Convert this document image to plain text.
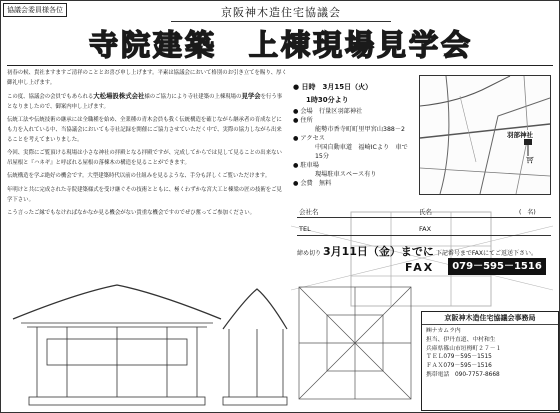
協議会委員様各位	京阪神木造住宅協議会
寺院建築　上棟現場見学会

初春の候、貴社ますますご清祥のこととお喜び申し上げます。平素は協議会において格別のお引き立てを賜り、厚く御礼申し上げます。

この度、協議会の会員でもあられる大松場設株式会社様のご協力により寺社建築の上棟現場の見学会を行う事となりましたので、御案内申し上げます。

伝統工法や伝統技術の継承には全職種を始め、全業種の青木会員も我く伝統構造を確じながら継承者の育成などにも力を入れている中、当協議会においても寺社記録を開催にご協力させていただく中で、実際の協力しながら出来ることを考えてまいりました。

今回、実際にご覧頂ける現場は小さな神社の拝殿となる拝殿ですが、完成してからでは見して見ることの出来ない吊屋根と『ハネギ』と呼ばれる屋根の落棟木の構造を見ることができます。

伝統構造を学ぶ絶好の機会です。大型建築時代以前の仕組みを見るような、手分も詳しくご覧いただけます。

年明けと共に完成された寺院建築様式を受け継ぐその技術とともに、極くわずかな宮大工と棟梁の匠の技術をご見学下さい。

こう言ったご縁でもなければなかなか見る機会がない貴重な機会ですのでぜひ奮ってご参加ください。

● 日時　 3月15日（火）
1時30分より
● 会場　 行量区羽部神社
● 住所
能勢市香寺町町里甲宮山388－2
● アクセス
中国自動車道　福崎ICより　車で15分
● 駐車場
現場駐車スペース有り
● 会費　 無料
⛩
羽部神社
会社名	氏名	(　名)
TEL	FAX
締め切り 3月11日（金）までに 下記番号までFAXにてご返送下さい。
FAX	079－595－1516
京阪神木造住宅協議会事務局
㈱ナカムラ内
担当、伊丹直道、中村和生
兵庫県篠山市垣栂町２７－１
ＴＥＬ079－595－1515
ＦＡＸ079－595－1516
携帯電話　090-7757-8668
